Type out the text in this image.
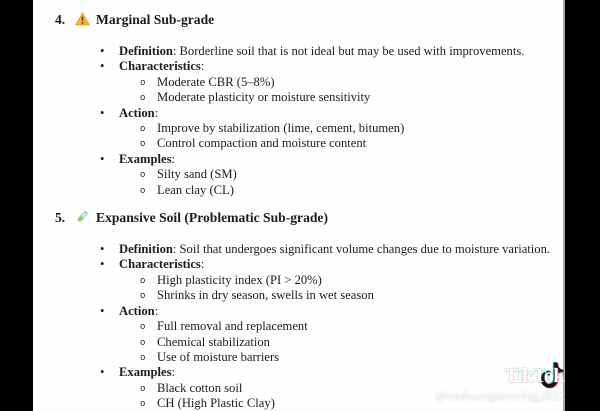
4. Marginal Sub-grade
• Definition: Borderline soil that is not ideal but may be used with improvements.
• Characteristics:
o Moderate CBR (5–8%)
o Moderate plasticity or moisture sensitivity
• Action:
o Improve by stabilization (lime, cement, bitumen)
o Control compaction and moisture content
• Examples:
o Silty sand (SM)
o Lean clay (CL)
5. Expansive Soil (Problematic Sub-grade)
• Definition: Soil that undergoes significant volume changes due to moisture variation.
• Characteristics:
o High plasticity index (PI > 20%)
o Shrinks in dry season, swells in wet season
• Action:
o Full removal and replacement
o Chemical stabilization
o Use of moisture barriers
• Examples:
o Black cotton soil
o CH (High Plastic Clay)
TikTok
@ambaengineering2022
